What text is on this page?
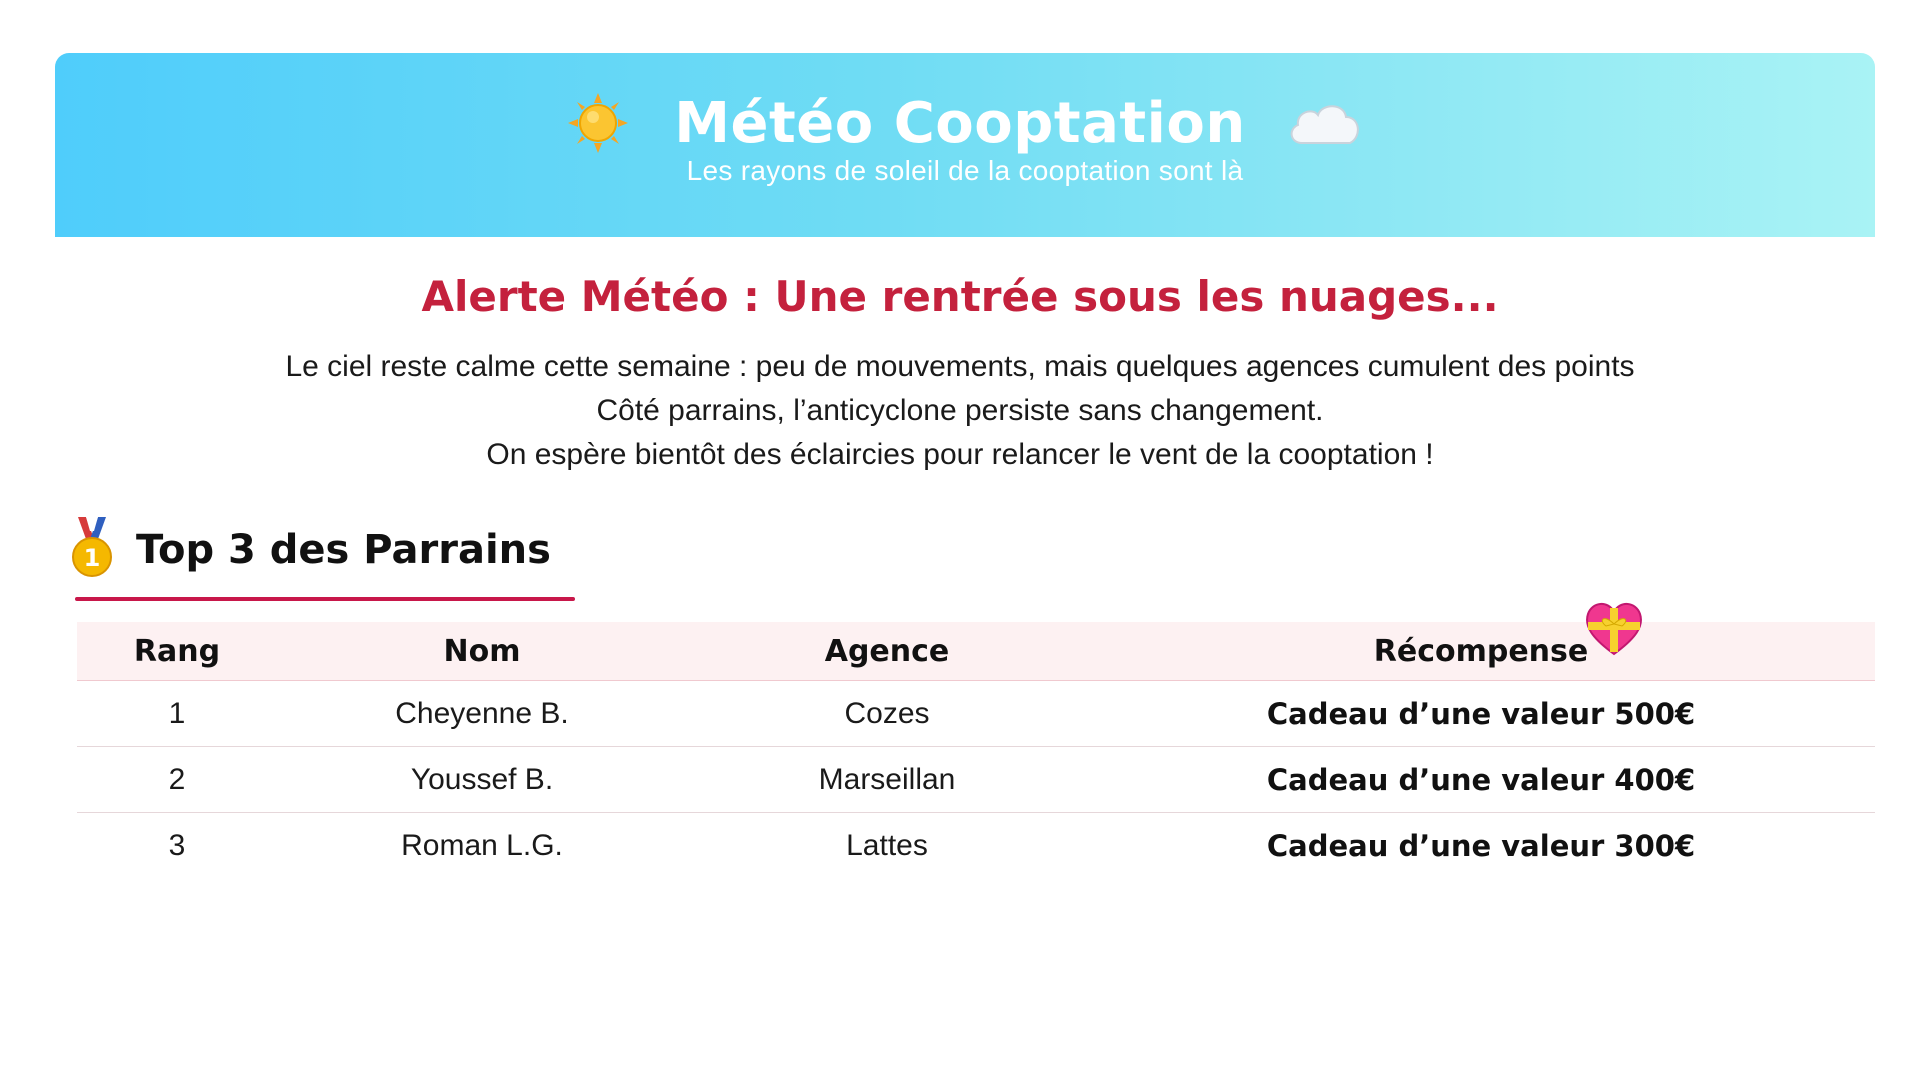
Météo Cooptation
Les rayons de soleil de la cooptation sont là
Alerte Météo : Une rentrée sous les nuages...
Le ciel reste calme cette semaine : peu de mouvements, mais quelques agences cumulent des points
Côté parrains, l’anticyclone persiste sans changement.
On espère bientôt des éclaircies pour relancer le vent de la cooptation !
1 Top 3 des Parrains
Rang	Nom	Agence	Récompense
1	Cheyenne B.	Cozes	Cadeau d’une valeur 500€
2	Youssef B.	Marseillan	Cadeau d’une valeur 400€
3	Roman L.G.	Lattes	Cadeau d’une valeur 300€
